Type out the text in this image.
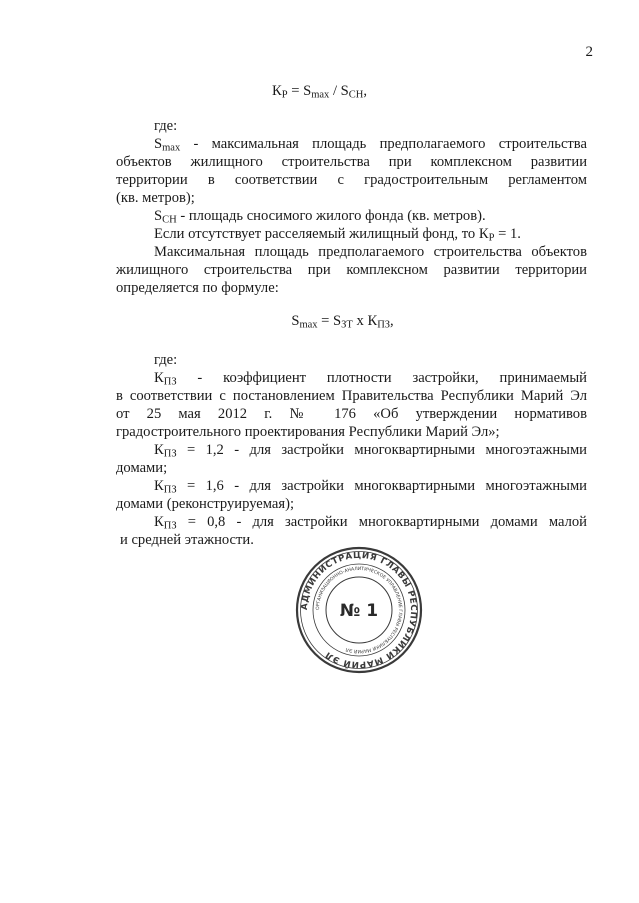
2
$К_Р = S_{max} / S_{СН}$,
где:
$S_{max}$ - максимальная площадь предполагаемого строительства
объектов жилищного строительства при комплексном развитии
территории в соответствии с градостроительным регламентом
(кв. метров);
$S_{СН}$ - площадь сносимого жилого фонда (кв. метров).
Если отсутствует расселяемый жилищный фонд, то $К_Р = 1$.
Максимальная площадь предполагаемого строительства объектов
жилищного строительства при комплексном развитии территории
определяется по формуле:
$S_{max} = S_{ЗТ}$ х $К_{ПЗ}$,
где:
$К_{ПЗ}$ - коэффициент плотности застройки, принимаемый
в соответствии с постановлением Правительства Республики Марий Эл
от 25 мая 2012 г. № 176 «Об утверждении нормативов
градостроительного проектирования Республики Марий Эл»;
$К_{ПЗ} = 1,2$ - для застройки многоквартирными многоэтажными
домами;
$К_{ПЗ} = 1,6$ - для застройки многоквартирными многоэтажными
домами (реконструируемая);
$К_{ПЗ} = 0,8$ - для застройки многоквартирными домами малой
и средней этажности.
АДМИНИСТРАЦИЯ ГЛАВЫ РЕСПУБЛИКИ МАРИЙ ЭЛ
ОРГАНИЗАЦИОННО-АНАЛИТИЧЕСКОЕ УПРАВЛЕНИЕ ГЛАВЫ РЕСПУБЛИКИ МАРИЙ ЭЛ
№ 1
